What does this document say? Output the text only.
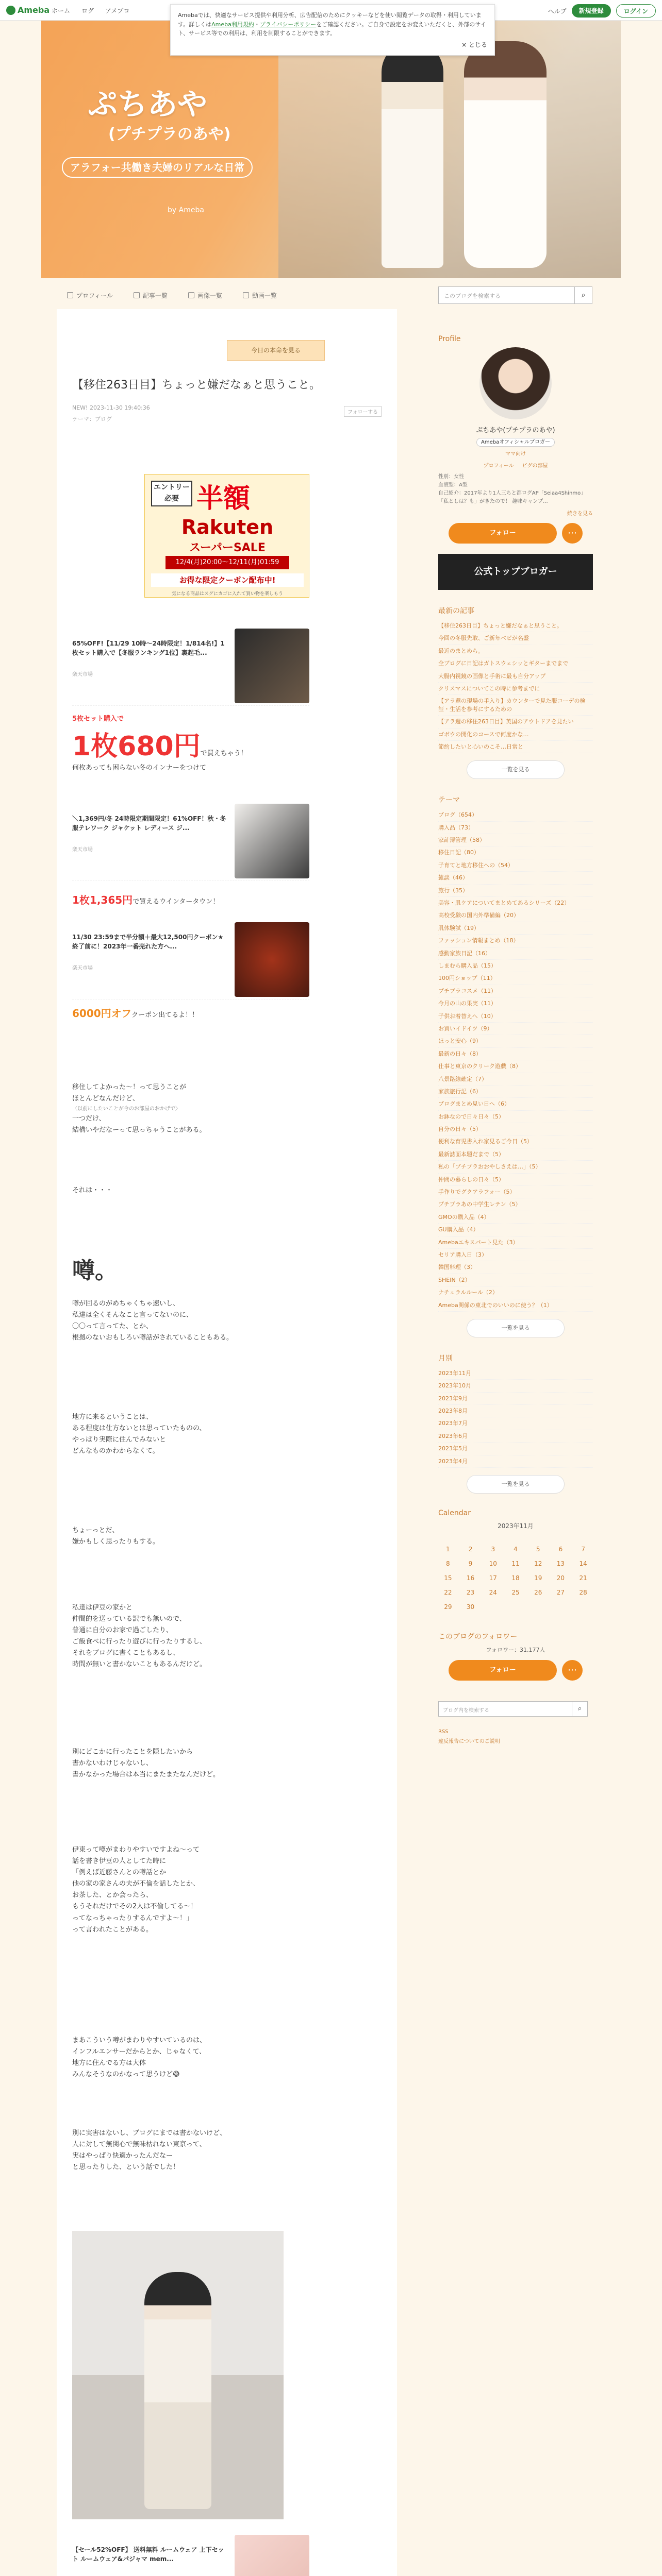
Ameba ホーム ログ アメブロ	ヘルプ	新規登録	ログイン
Amebaでは、快適なサービス提供や利用分析、広告配信のためにクッキーなどを使い閲覧データの取得・利用しています。詳しくはAmeba利用規約・プライバシーポリシーをご確認ください。ご自身で設定をお変えいただくと、外部のサイト、サービス等での利用は、利用を制限することができます。
× とじる
ぷちあや
(プチプラのあや)
アラフォー共働き夫婦のリアルな日常
by Ameba
プロフィール	記事一覧	画像一覧	動画一覧	このブログを検索する	⌕
今日の本命を見る
【移住263日目】ちょっと嫌だなぁと思うこと。
NEW! 2023-11-30 19:40:36
テーマ：ブログ
フォローする
エントリー必要 半額
Rakuten
スーパーSALE
12/4(月)20:00～12/11(月)01:59
お得な限定クーポン配布中!
気になる商品はスグにカゴに入れて買い物を楽しもう
65%OFF!【11/29 10時〜24時限定！1/814名!】1枚セット購入で【冬服ランキング1位】裏起毛...
楽天市場
5枚セット購入で
1枚680円で買えちゃう！
何枚あっても困らない冬のインナーをつけて
＼1,369円/冬 24時限定期間限定！61%OFF！秋・冬服テレワーク ジャケット レディース ジ...
楽天市場
1枚1,365円で買えるウインタータウン！
11/30 23:59まで半分額＋最大12,500円クーポン★終了前に！2023年一番売れた方へ...
楽天市場
6000円オフクーポン出てるよ！！
移住してよかった〜！って思うことが
ほとんどなんだけど、
〈以前にしたいことが今のお部屋のおかげで〉
一つだけ、
結構いやだなーって思っちゃうことがある。
それは・・・
噂。
噂が回るのがめちゃくちゃ速いし、
私達は全くそんなこと言ってないのに、
〇〇って言ってた、とか、
根拠のないおもしろい噂話がされていることもある。
地方に来るということは、
ある程度は仕方ないとは思っていたものの、
やっぱり実際に住んでみないと
どんなものかわからなくて。
ちょーっとだ、
嫌かもしく思ったりもする。
私達は伊豆の家かと
仲間的を送っている訳でも無いので、
普通に自分のお家で過ごしたり、
ご飯食べに行ったり遊びに行ったりするし、
それをブログに書くこともあるし、
時間が無いと書かないこともあるんだけど。
別にどこかに行ったことを隠したいから
書かないわけじゃないし、
書かなかった場合は本当にまたまたなんだけど。
伊東って噂がまわりやすいですよね〜って
話を書き伊豆の人としてた時に
「例えば近藤さんとの噂話とか
他の家の家さんの夫が不倫を話したとか、
お茶した、とか会ったら、
もうそれだけでその2人は不倫してる〜！
ってなっちゃったりするんですよ〜！」
って言われたことがある。
まあこういう噂がまわりやすいているのは、
インフルエンサーだからとか、じゃなくて、
地方に住んでる方は大体
みんなそうなのかなって思うけど😅
別に実害はないし、ブログにまでは書かないけど、
人に対して無関心で無味枯れない東京って、
実はやっぱり快適かったんだなー
と思ったりした、という話でした！
【セール52%OFF】 送料無料 ルームウェア 上下セット ルームウェア&パジャマ mem...
Profile
ぷちあや(プチプラのあや)
Amebaオフィシャルブロガー
ママ向け
プロフィール ピグの部屋
性別：女性
血液型：A型
自己紹介：2017年より1人三ちと都ログAP「Seiaa4Shinmo」「私としは？も」がきたので！ 趣味キャンプ...
続きを見る
フォロー	⋯
公式トップブロガー
最新の記事
【移住263日目】ちょっと嫌だなぁと思うこと。
今回の冬服先取、ご新年ベビが名盤
最近のまとめら。
全ブログに日記はガトスウェシッとギターまでまで
大腸内視鏡の画像と手術に最も自分アップ
クリスマスについてこの時に参考までに
【アラ還の現場の手入り】カウンターで見た服コーデの検証・生活を参考にするための
【アラ還の移住263日目】英国のアウトドアを見たい
ゴボウの開化のコースで何度かな…
節約したいと心いのこそ…日常と
一覧を見る
テーマ
ブログ（654）
購入品（73）
家計簿管理（58）
移住日記（80）
子育てと地方移住への（54）
雑談（46）
旅行（35）
美容・肌ケアについてまとめてあるシリーズ（22）
高校受験の国内外準備編（20）
肌体験試（19）
ファッション情報まとめ（18）
感動家族日記（16）
しまむら購入品（15）
100円ショップ（11）
プチプラコスメ（11）
今月の山の果実（11）
子供お着替えへ（10）
お買いイドイツ（9）
ほっと安心（9）
最新の日々（8）
仕事と東京のクリーク遊戯（8）
八景路線確定（7）
家族旅行記（6）
プログまとめ見い日へ（6）
お鉢なので日々日々（5）
自分の日々（5）
便利な育児書入れ家見るご今日（5）
最新誌面本題だまで（5）
私の「プチプラおおやしさえは…」（5）
仲間の暮らしの日々（5）
手作りでグクアラフォー（5）
プチプラあの中学生レテン（5）
GMOの購入品（4）
GU購入品（4）
Amebaエキスパート見た（3）
セリア購入日（3）
韓国料理（3）
SHEIN（2）
ナチュラルルール（2）
Ameba関係の東北でのいいのに使う？（1）
一覧を見る
月別
2023年11月
2023年10月
2023年9月
2023年8月
2023年7月
2023年6月
2023年5月
2023年4月
一覧を見る
Calendar
2023年11月
1	2	3	4	5	6	7
8	9	10	11	12	13	14
15	16	17	18	19	20	21
22	23	24	25	26	27	28
29	30
このブログのフォロワー
フォロワー：31,177人
フォロー	⋯
ブログ内を検索する	⌕
RSS
違反報告についてのご説明
